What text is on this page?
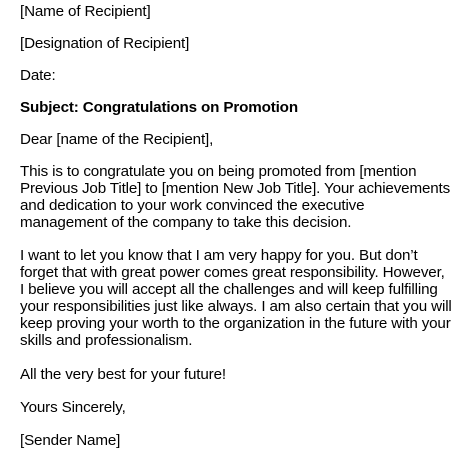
[Name of Recipient]
[Designation of Recipient]
Date:
Subject: Congratulations on Promotion
Dear [name of the Recipient],
This is to congratulate you on being promoted from [mention
Previous Job Title] to [mention New Job Title]. Your achievements
and dedication to your work convinced the executive
management of the company to take this decision.
I want to let you know that I am very happy for you. But don’t
forget that with great power comes great responsibility. However,
I believe you will accept all the challenges and will keep fulfilling
your responsibilities just like always. I am also certain that you will
keep proving your worth to the organization in the future with your
skills and professionalism.
All the very best for your future!
Yours Sincerely,
[Sender Name]
